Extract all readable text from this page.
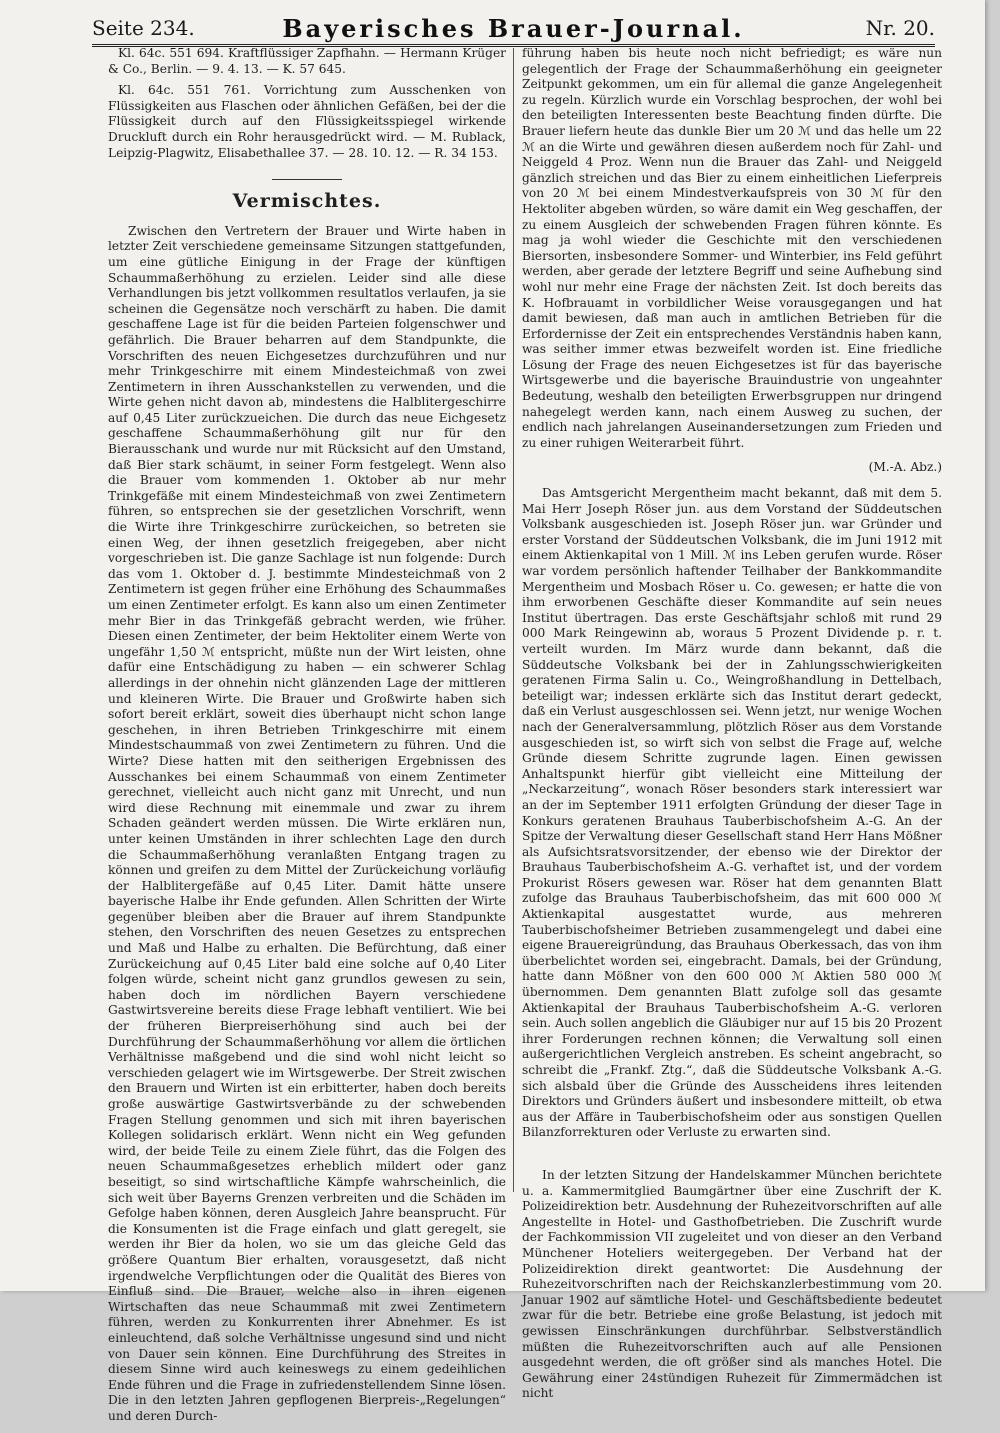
Seite 234.	Bayerisches Brauer-Journal.	Nr. 20.

Kl. 64c. 551 694. Kraftflüssiger Zapfhahn. — Hermann Krüger & Co., Berlin. — 9. 4. 13. — K. 57 645.

Kl. 64c. 551 761. Vorrichtung zum Ausschenken von Flüssigkeiten aus Flaschen oder ähnlichen Gefäßen, bei der die Flüssigkeit durch auf den Flüssigkeitsspiegel wirkende Druckluft durch ein Rohr herausgedrückt wird. — M. Rublack, Leipzig-Plagwitz, Elisabethallee 37. — 28. 10. 12. — R. 34 153.

Vermischtes.

Zwischen den Vertretern der Brauer und Wirte haben in letzter Zeit verschiedene gemeinsame Sitzungen stattgefunden, um eine gütliche Einigung in der Frage der künftigen Schaummaßerhöhung zu erzielen. Leider sind alle diese Verhandlungen bis jetzt vollkommen resultatlos verlaufen, ja sie scheinen die Gegensätze noch verschärft zu haben. Die damit geschaffene Lage ist für die beiden Parteien folgenschwer und gefährlich. Die Brauer beharren auf dem Standpunkte, die Vorschriften des neuen Eichgesetzes durchzuführen und nur mehr Trinkgeschirre mit einem Mindesteichmaß von zwei Zentimetern in ihren Ausschankstellen zu verwenden, und die Wirte gehen nicht davon ab, mindestens die Halblitergeschirre auf 0,45 Liter zurückzueichen. Die durch das neue Eichgesetz geschaffene Schaummaßerhöhung gilt nur für den Bierausschank und wurde nur mit Rücksicht auf den Umstand, daß Bier stark schäumt, in seiner Form festgelegt. Wenn also die Brauer vom kommenden 1. Oktober ab nur mehr Trinkgefäße mit einem Mindesteichmaß von zwei Zentimetern führen, so entsprechen sie der gesetzlichen Vorschrift, wenn die Wirte ihre Trinkgeschirre zurückeichen, so betreten sie einen Weg, der ihnen gesetzlich freigegeben, aber nicht vorgeschrieben ist. Die ganze Sachlage ist nun folgende: Durch das vom 1. Oktober d. J. bestimmte Mindesteichmaß von 2 Zentimetern ist gegen früher eine Erhöhung des Schaummaßes um einen Zentimeter erfolgt. Es kann also um einen Zentimeter mehr Bier in das Trinkgefäß gebracht werden, wie früher. Diesen einen Zentimeter, der beim Hektoliter einem Werte von ungefähr 1,50 ℳ entspricht, müßte nun der Wirt leisten, ohne dafür eine Entschädigung zu haben — ein schwerer Schlag allerdings in der ohnehin nicht glänzenden Lage der mittleren und kleineren Wirte. Die Brauer und Großwirte haben sich sofort bereit erklärt, soweit dies überhaupt nicht schon lange geschehen, in ihren Betrieben Trinkgeschirre mit einem Mindestschaummaß von zwei Zentimetern zu führen. Und die Wirte? Diese hatten mit den seitherigen Ergebnissen des Ausschankes bei einem Schaummaß von einem Zentimeter gerechnet, vielleicht auch nicht ganz mit Unrecht, und nun wird diese Rechnung mit einemmale und zwar zu ihrem Schaden geändert werden müssen. Die Wirte erklären nun, unter keinen Umständen in ihrer schlechten Lage den durch die Schaummaßerhöhung veranlaßten Entgang tragen zu können und greifen zu dem Mittel der Zurückeichung vorläufig der Halblitergefäße auf 0,45 Liter. Damit hätte unsere bayerische Halbe ihr Ende gefunden. Allen Schritten der Wirte gegenüber bleiben aber die Brauer auf ihrem Standpunkte stehen, den Vorschriften des neuen Gesetzes zu entsprechen und Maß und Halbe zu erhalten. Die Befürchtung, daß einer Zurückeichung auf 0,45 Liter bald eine solche auf 0,40 Liter folgen würde, scheint nicht ganz grundlos gewesen zu sein, haben doch im nördlichen Bayern verschiedene Gastwirtsvereine bereits diese Frage lebhaft ventiliert. Wie bei der früheren Bierpreiserhöhung sind auch bei der Durchführung der Schaummaßerhöhung vor allem die örtlichen Verhältnisse maßgebend und die sind wohl nicht leicht so verschieden gelagert wie im Wirtsgewerbe. Der Streit zwischen den Brauern und Wirten ist ein erbitterter, haben doch bereits große auswärtige Gastwirtsverbände zu der schwebenden Fragen Stellung genommen und sich mit ihren bayerischen Kollegen solidarisch erklärt. Wenn nicht ein Weg gefunden wird, der beide Teile zu einem Ziele führt, das die Folgen des neuen Schaummaßgesetzes erheblich mildert oder ganz beseitigt, so sind wirtschaftliche Kämpfe wahrscheinlich, die sich weit über Bayerns Grenzen verbreiten und die Schäden im Gefolge haben können, deren Ausgleich Jahre beansprucht. Für die Konsumenten ist die Frage einfach und glatt geregelt, sie werden ihr Bier da holen, wo sie um das gleiche Geld das größere Quantum Bier erhalten, vorausgesetzt, daß nicht irgendwelche Verpflichtungen oder die Qualität des Bieres von Einfluß sind. Die Brauer, welche also in ihren eigenen Wirtschaften das neue Schaummaß mit zwei Zentimetern führen, werden zu Konkurrenten ihrer Abnehmer. Es ist einleuchtend, daß solche Verhältnisse ungesund sind und nicht von Dauer sein können. Eine Durchführung des Streites in diesem Sinne wird auch keineswegs zu einem gedeihlichen Ende führen und die Frage in zufriedenstellendem Sinne lösen. Die in den letzten Jahren gepflogenen Bierpreis-„Regelungen“ und deren Durch-

führung haben bis heute noch nicht befriedigt; es wäre nun gelegentlich der Frage der Schaummaßerhöhung ein geeigneter Zeitpunkt gekommen, um ein für allemal die ganze Angelegenheit zu regeln. Kürzlich wurde ein Vorschlag besprochen, der wohl bei den beteiligten Interessenten beste Beachtung finden dürfte. Die Brauer liefern heute das dunkle Bier um 20 ℳ und das helle um 22 ℳ an die Wirte und gewähren diesen außerdem noch für Zahl- und Neiggeld 4 Proz. Wenn nun die Brauer das Zahl- und Neiggeld gänzlich streichen und das Bier zu einem einheitlichen Lieferpreis von 20 ℳ bei einem Mindestverkaufspreis von 30 ℳ für den Hektoliter abgeben würden, so wäre damit ein Weg geschaffen, der zu einem Ausgleich der schwebenden Fragen führen könnte. Es mag ja wohl wieder die Geschichte mit den verschiedenen Biersorten, insbesondere Sommer- und Winterbier, ins Feld geführt werden, aber gerade der letztere Begriff und seine Aufhebung sind wohl nur mehr eine Frage der nächsten Zeit. Ist doch bereits das K. Hofbrauamt in vorbildlicher Weise vorausgegangen und hat damit bewiesen, daß man auch in amtlichen Betrieben für die Erfordernisse der Zeit ein entsprechendes Verständnis haben kann, was seither immer etwas bezweifelt worden ist. Eine friedliche Lösung der Frage des neuen Eichgesetzes ist für das bayerische Wirtsgewerbe und die bayerische Brauindustrie von ungeahnter Bedeutung, weshalb den beteiligten Erwerbsgruppen nur dringend nahegelegt werden kann, nach einem Ausweg zu suchen, der endlich nach jahrelangen Auseinandersetzungen zum Frieden und zu einer ruhigen Weiterarbeit führt.

(M.-A. Abz.)

Das Amtsgericht Mergentheim macht bekannt, daß mit dem 5. Mai Herr Joseph Röser jun. aus dem Vorstand der Süddeutschen Volksbank ausgeschieden ist. Joseph Röser jun. war Gründer und erster Vorstand der Süddeutschen Volksbank, die im Juni 1912 mit einem Aktienkapital von 1 Mill. ℳ ins Leben gerufen wurde. Röser war vordem persönlich haftender Teilhaber der Bankkommandite Mergentheim und Mosbach Röser u. Co. gewesen; er hatte die von ihm erworbenen Geschäfte dieser Kommandite auf sein neues Institut übertragen. Das erste Geschäftsjahr schloß mit rund 29 000 Mark Reingewinn ab, woraus 5 Prozent Dividende p. r. t. verteilt wurden. Im März wurde dann bekannt, daß die Süddeutsche Volksbank bei der in Zahlungsschwierigkeiten geratenen Firma Salin u. Co., Weingroßhandlung in Dettelbach, beteiligt war; indessen erklärte sich das Institut derart gedeckt, daß ein Verlust ausgeschlossen sei. Wenn jetzt, nur wenige Wochen nach der Generalversammlung, plötzlich Röser aus dem Vorstande ausgeschieden ist, so wirft sich von selbst die Frage auf, welche Gründe diesem Schritte zugrunde lagen. Einen gewissen Anhaltspunkt hierfür gibt vielleicht eine Mitteilung der „Neckarzeitung“, wonach Röser besonders stark interessiert war an der im September 1911 erfolgten Gründung der dieser Tage in Konkurs geratenen Brauhaus Tauberbischofsheim A.-G. An der Spitze der Verwaltung dieser Gesellschaft stand Herr Hans Mößner als Aufsichtsratsvorsitzender, der ebenso wie der Direktor der Brauhaus Tauberbischofsheim A.-G. verhaftet ist, und der vordem Prokurist Rösers gewesen war. Röser hat dem genannten Blatt zufolge das Brauhaus Tauberbischofsheim, das mit 600 000 ℳ Aktienkapital ausgestattet wurde, aus mehreren Tauberbischofsheimer Betrieben zusammengelegt und dabei eine eigene Brauereigründung, das Brauhaus Oberkessach, das von ihm überbelichtet worden sei, eingebracht. Damals, bei der Gründung, hatte dann Mößner von den 600 000 ℳ Aktien 580 000 ℳ übernommen. Dem genannten Blatt zufolge soll das gesamte Aktienkapital der Brauhaus Tauberbischofsheim A.-G. verloren sein. Auch sollen angeblich die Gläubiger nur auf 15 bis 20 Prozent ihrer Forderungen rechnen können; die Verwaltung soll einen außergerichtlichen Vergleich anstreben. Es scheint angebracht, so schreibt die „Frankf. Ztg.“, daß die Süddeutsche Volksbank A.-G. sich alsbald über die Gründe des Ausscheidens ihres leitenden Direktors und Gründers äußert und insbesondere mitteilt, ob etwa aus der Affäre in Tauberbischofsheim oder aus sonstigen Quellen Bilanzforrekturen oder Verluste zu erwarten sind.

In der letzten Sitzung der Handelskammer München berichtete u. a. Kammermitglied Baumgärtner über eine Zuschrift der K. Polizeidirektion betr. Ausdehnung der Ruhezeitvorschriften auf alle Angestellte in Hotel- und Gasthofbetrieben. Die Zuschrift wurde der Fachkommission VII zugeleitet und von dieser an den Verband Münchener Hoteliers weitergegeben. Der Verband hat der Polizeidirektion direkt geantwortet: Die Ausdehnung der Ruhezeitvorschriften nach der Reichskanzlerbestimmung vom 20. Januar 1902 auf sämtliche Hotel- und Geschäftsbediente bedeutet zwar für die betr. Betriebe eine große Belastung, ist jedoch mit gewissen Einschränkungen durchführbar. Selbstverständlich müßten die Ruhezeitvorschriften auch auf alle Pensionen ausgedehnt werden, die oft größer sind als manches Hotel. Die Gewährung einer 24stündigen Ruhezeit für Zimmermädchen ist nicht
